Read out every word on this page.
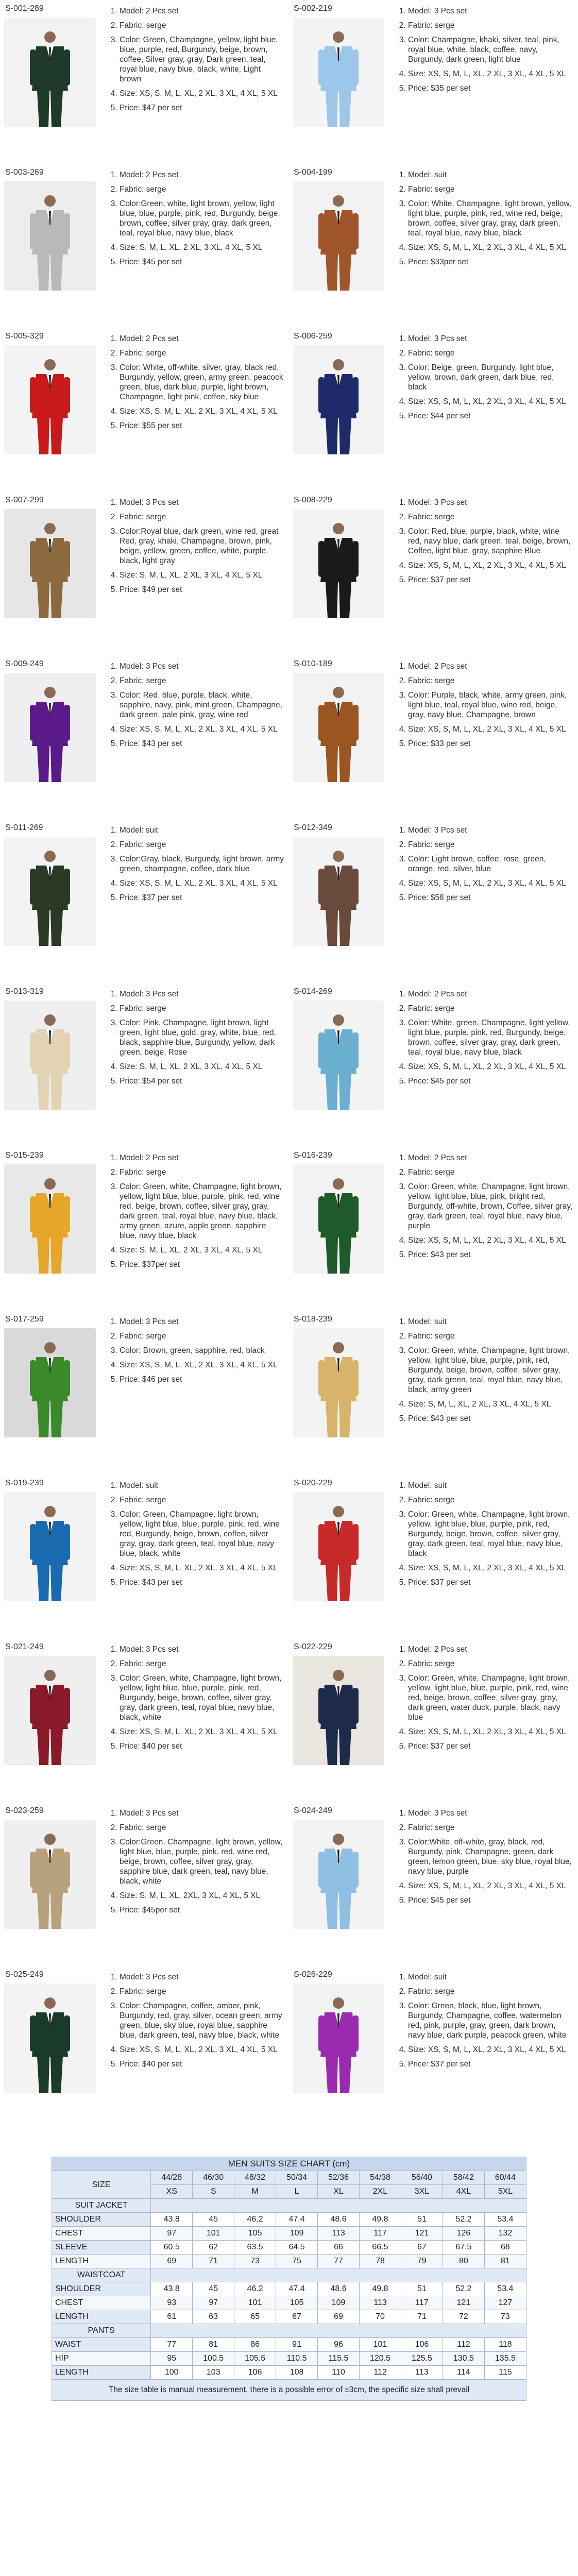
S-001-289	1. Model: 2 Pcs set
2. Fabric: serge
3. Color: Green, Champagne, yellow, light blue, blue, purple, red, Burgundy, beige, brown, coffee, Silver gray, gray, Dark green, teal, royal blue, navy blue, black, white, Light brown
4. Size: XS, S, M, L, XL, 2 XL, 3 XL, 4 XL, 5 XL
5. Price: $47 per set
S-002-219	1. Model: 3 Pcs set
2. Fabric: serge
3. Color: Champagne, khaki, silver, teal, pink, royal blue, white, black, coffee, navy, Burgundy, dark green, light blue
4. Size: XS, S, M, L, XL, 2 XL, 3 XL, 4 XL, 5 XL
5. Price: $35 per set
S-003-269	1. Model: 2 Pcs set
2. Fabric: serge
3. Color:Green, white, light brown, yellow, light blue, blue, purple, pink, red, Burgundy, beige, brown, coffee, silver gray, gray, dark green, teal, royal blue, navy blue, black
4. Size: S, M, L, XL, 2 XL, 3 XL, 4 XL, 5 XL
5. Price: $45 per set
S-004-199	1. Model: suit
2. Fabric: serge
3. Color: White, Champagne, light brown, yellow, light blue, purple, pink, red, wine red, beige, brown, coffee, silver gray, gray, dark green, teal, royal blue, navy blue, black
4. Size: XS, S, M, L, XL, 2 XL, 3 XL, 4 XL, 5 XL
5. Price: $33per set
S-005-329	1. Model: 2 Pcs set
2. Fabric: serge
3. Color: White, off-white, silver, gray, black red, Burgundy, yellow, green, army green, peacock green, blue, dark blue, purple, light brown, Champagne, light pink, coffee, sky blue
4. Size: XS, S, M, L, XL, 2 XL, 3 XL, 4 XL, 5 XL
5. Price: $55 per set
S-006-259	1. Model: 3 Pcs set
2. Fabric: serge
3. Color: Beige, green, Burgundy, light blue, yellow, brown, dark green, dark blue, red, black
4. Size: XS, S, M, L, XL, 2 XL, 3 XL, 4 XL, 5 XL
5. Price: $44 per set
S-007-299	1. Model: 3 Pcs set
2. Fabric: serge
3. Color:Royal blue, dark green, wine red, great Red, gray, khaki, Champagne, brown, pink, beige, yellow, green, coffee, white, purple, black, light gray
4. Size: S, M, L, XL, 2 XL, 3 XL, 4 XL, 5 XL
5. Price: $49 per set
S-008-229	1. Model: 3 Pcs set
2. Fabric: serge
3. Color: Red, blue, purple, black, white, wine red, navy blue, dark green, teal, beige, brown, Coffee, light blue, gray, sapphire Blue
4. Size: XS, S, M, L, XL, 2 XL, 3 XL, 4 XL, 5 XL
5. Price: $37 per set
S-009-249	1. Model: 3 Pcs set
2. Fabric: serge
3. Color: Red, blue, purple, black, white, sapphire, navy, pink, mint green, Champagne, dark green, pale pink, gray, wine red
4. Size: XS, S, M, L, XL, 2 XL, 3 XL, 4 XL, 5 XL
5. Price: $43 per set
S-010-189	1. Model: 2 Pcs set
2. Fabric: serge
3. Color: Purple, black, white, army green, pink, light blue, teal, royal blue, wine red, beige, gray, navy blue, Champagne, brown
4. Size: XS, S, M, L, XL, 2 XL, 3 XL, 4 XL, 5 XL
5. Price: $33 per set
S-011-269	1. Model: suit
2. Fabric: serge
3. Color:Gray, black, Burgundy, light brown, army green, champagne, coffee, dark blue
4. Size: XS, S, M, L, XL, 2 XL, 3 XL, 4 XL, 5 XL
5. Price: $37 per set
S-012-349	1. Model: 3 Pcs set
2. Fabric: serge
3. Color: Light brown, coffee, rose, green, orange, red, silver, blue
4. Size: XS, S, M, L, XL, 2 XL, 3 XL, 4 XL, 5 XL
5. Price: $58 per set
S-013-319	1. Model: 3 Pcs set
2. Fabric: serge
3. Color: Pink, Champagne, light brown, light green, light blue, gold, gray, white, blue, red, black, sapphire blue, Burgundy, yellow, dark green, beige, Rose
4. Size: S, M, L, XL, 2 XL, 3 XL, 4 XL, 5 XL
5. Price: $54 per set
S-014-269	1. Model: 2 Pcs set
2. Fabric: serge
3. Color: White, green, Champagne, light yellow, light blue, purple, pink, red, Burgundy, beige, brown, coffee, silver gray, gray, dark green, teal, royal blue, navy blue, black
4. Size: XS, S, M, L, XL, 2 XL, 3 XL, 4 XL, 5 XL
5. Price: $45 per set
S-015-239	1. Model: 2 Pcs set
2. Fabric: serge
3. Color: Green, white, Champagne, light brown, yellow, light blue, blue, purple, pink, red, wine red, beige, brown, coffee, silver gray, gray, dark green, teal, royal blue, navy blue, black, army green, azure, apple green, sapphire blue, navy blue, black
4. Size: S, M, L, XL, 2 XL, 3 XL, 4 XL, 5 XL
5. Price: $37per set
S-016-239	1. Model: 2 Pcs set
2. Fabric: serge
3. Color: Green, white, Champagne, light brown, yellow, light blue, blue, pink, bright red, Burgundy, off-white, brown, Coffee, silver gray, gray, dark green, teal, royal blue, navy blue, purple
4. Size: XS, S, M, L, XL, 2 XL, 3 XL, 4 XL, 5 XL
5. Price: $43 per set
S-017-259	1. Model: 3 Pcs set
2. Fabric: serge
3. Color: Brown, green, sapphire, red, black
4. Size: XS, S, M, L, XL, 2 XL, 3 XL, 4 XL, 5 XL
5. Price: $46 per set
S-018-239	1. Model: suit
2. Fabric: serge
3. Color: Green, white, Champagne, light brown, yellow, light blue, blue, purple, pink, red, Burgundy, beige, brown, coffee, silver gray, gray, dark green, teal, royal blue, navy blue, black, army green
4. Size: S, M, L, XL, 2 XL, 3 XL, 4 XL, 5 XL
5. Price: $43 per set
S-019-239	1. Model: suit
2. Fabric: serge
3. Color: Green, Champagne, light brown, yellow, light blue, blue, purple, pink, red, wine red, Burgundy, beige, brown, coffee, silver gray, gray, dark green, teal, royal blue, navy blue, black, white
4. Size: XS, S, M, L, XL, 2 XL, 3 XL, 4 XL, 5 XL
5. Price: $43 per set
S-020-229	1. Model: suit
2. Fabric: serge
3. Color: Green, white, Champagne, light brown, yellow, light blue, blue, purple, pink, red, Burgundy, beige, brown, coffee, silver gray, gray, dark green, teal, royal blue, navy blue, black
4. Size: XS, S, M, L, XL, 2 XL, 3 XL, 4 XL, 5 XL
5. Price: $37 per set
S-021-249	1. Model: 3 Pcs set
2. Fabric: serge
3. Color: Green, white, Champagne, light brown, yellow, light blue, blue, purple, pink, red, Burgundy, beige, brown, coffee, silver gray, gray, dark green, teal, royal blue, navy blue, black, white
4. Size: XS, S, M, L, XL, 2 XL, 3 XL, 4 XL, 5 XL
5. Price: $40 per set
S-022-229	1. Model: 2 Pcs set
2. Fabric: serge
3. Color: Green, white, Champagne, light brown, yellow, light blue, blue, purple, pink, red, wine red, beige, brown, coffee, silver gray, gray, dark green, water duck, purple, black, navy blue
4. Size: XS, S, M, L, XL, 2 XL, 3 XL, 4 XL, 5 XL
5. Price: $37 per set
S-023-259	1. Model: 3 Pcs set
2. Fabric: serge
3. Color:Green, Champagne, light brown, yellow, light blue, blue, purple, pink, red, wine red, beige, brown, coffee, silver gray, gray, sapphire blue, dark green, teal, navy blue, black, white
4. Size: S, M, L, XL, 2XL, 3 XL, 4 XL, 5 XL
5. Price: $45per set
S-024-249	1. Model: 3 Pcs set
2. Fabric: serge
3. Color:White, off-white, gray, black, red, Burgundy, pink, Champagne, green, dark green, lemon green, blue, sky blue, royal blue, navy blue, purple
4. Size: XS, S, M, L, XL, 2 XL, 3 XL, 4 XL, 5 XL
5. Price: $45 per set
S-025-249	1. Model: 3 Pcs set
2. Fabric: serge
3. Color: Champagne, coffee, amber, pink, Burgundy, red, gray, silver, ocean green, army green, blue, sky blue, royal blue, sapphire blue, dark green, teal, navy blue, black, white
4. Size: XS, S, M, L, XL, 2 XL, 3 XL, 4 XL, 5 XL
5. Price: $40 per set
S-026-229	1. Model: suit
2. Fabric: serge
3. Color: Green, black, blue, light brown, Burgundy, Champagne, coffee, watermelon red, pink, purple, gray, green, dark brown, navy blue, dark purple, peacock green, white
4. Size: XS, S, M, L, XL, 2 XL, 3 XL, 4 XL, 5 XL
5. Price: $37 per set
MEN SUITS SIZE CHART (cm)									
SIZE	44/28	46/30	48/32	50/34	52/36	54/38	56/40	58/42	60/44
	XS	S	M	L	XL	2XL	3XL	4XL	5XL
SUIT JACKET									
SHOULDER	43.8	45	46.2	47.4	48.6	49.8	51	52.2	53.4
CHEST	97	101	105	109	113	117	121	126	132
SLEEVE	60.5	62	63.5	64.5	66	66.5	67	67.5	68
LENGTH	69	71	73	75	77	78	79	80	81
WAISTCOAT									
SHOULDER	43.8	45	46.2	47.4	48.6	49.8	51	52.2	53.4
CHEST	93	97	101	105	109	113	117	121	127
LENGTH	61	63	65	67	69	70	71	72	73
PANTS									
WAIST	77	81	86	91	96	101	106	112	118
HIP	95	100.5	105.5	110.5	115.5	120.5	125.5	130.5	135.5
LENGTH	100	103	106	108	110	112	113	114	115
The size table is manual measurement, there is a possible error of ±3cm, the specific size shall prevail									
